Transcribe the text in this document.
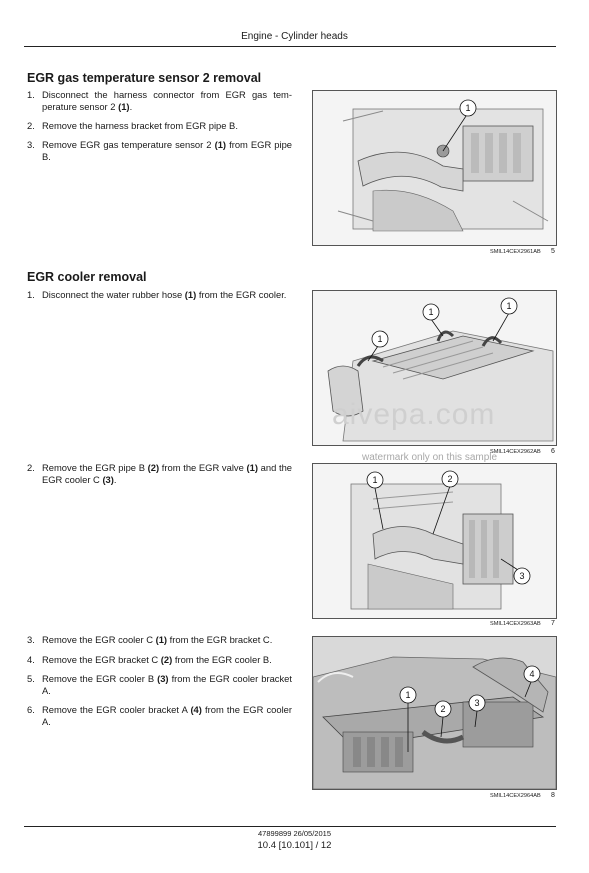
Engine - Cylinder heads
EGR gas temperature sensor 2 removal
1. Disconnect the harness connector from EGR gas tem-perature sensor 2 (1).
2. Remove the harness bracket from EGR pipe B.
3. Remove EGR gas temperature sensor 2 (1) from EGR pipe B.
1
SMIL14CEX2961AB 5
EGR cooler removal
1. Disconnect the water rubber hose (1) from the EGR cooler.
1
1
1
aivepa.com
SMIL14CEX2962AB 6
watermark only on this sample
2. Remove the EGR pipe B (2) from the EGR valve (1) and the EGR cooler C (3).	1	2
3
SMIL14CEX2963AB 7
3. Remove the EGR cooler C (1) from the EGR bracket C.
4. Remove the EGR bracket C (2) from the EGR cooler B.
5. Remove the EGR cooler B (3) from the EGR cooler bracket A.
6. Remove the EGR cooler bracket A (4) from the EGR cooler A.
1
2
3
4
SMIL14CEX2964AB 8
47899899 26/05/2015
10.4 [10.101] / 12
